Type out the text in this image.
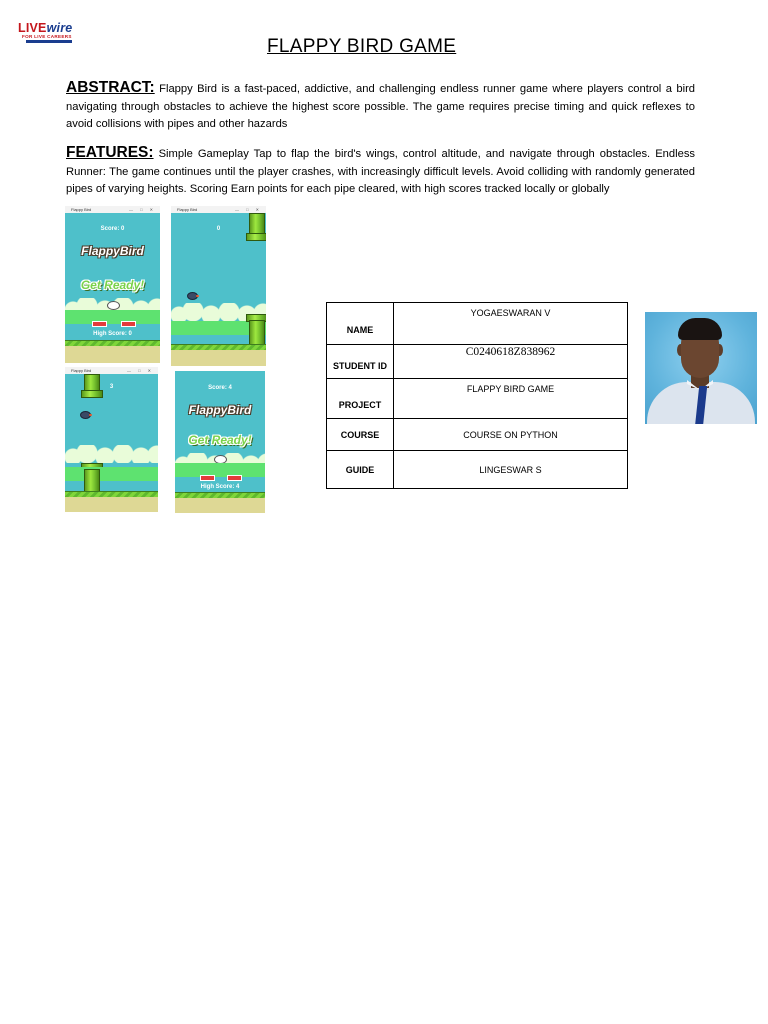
LIVEwire
FOR LIVE CAREERS	FLAPPY BIRD GAME
ABSTRACT: Flappy Bird is a fast-paced, addictive, and challenging endless runner game where players control a bird navigating through obstacles to achieve the highest score possible. The game requires precise timing and quick reflexes to avoid collisions with pipes and other hazards
FEATURES: Simple Gameplay Tap to flap the bird's wings, control altitude, and navigate through obstacles. Endless Runner: The game continues until the player crashes, with increasingly difficult levels. Avoid colliding with randomly generated pipes of varying heights. Scoring Earn points for each pipe cleared, with high scores tracked locally or globally
Flappy Bird	— □ ✕
Score: 0
FlappyBird
Get Ready!
High Score: 0
Flappy Bird	— □ ✕
0
Flappy Bird	— □ ✕
3	Score: 4
FlappyBird
Get Ready!
High Score: 4
NAME	YOGAESWARAN V
STUDENT ID	C0240618Z838962
PROJECT	FLAPPY BIRD GAME
COURSE	COURSE ON PYTHON
GUIDE	LINGESWAR S
